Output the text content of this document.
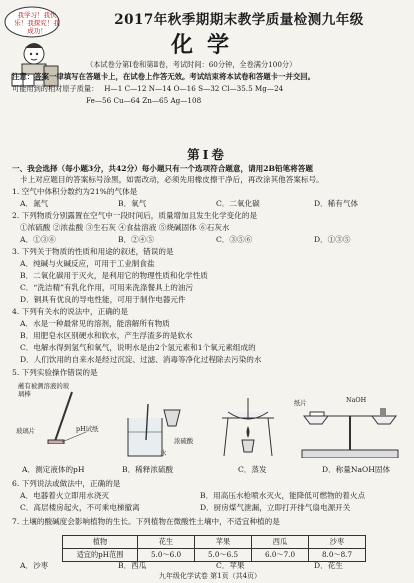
我学习！我快乐！我探究！我成功！
2017年秋季期期末教学质量检测九年级
化学
（本试卷分第Ⅰ卷和第Ⅱ卷，考试时间：60分钟，全卷满分100分）
注意：答案一律填写在答题卡上，在试卷上作答无效。考试结束将本试卷和答题卡一并交回。
可能用到的相对原子质量： H—1 C—12 N—14 O—16 S—32 Cl—35.5 Mg—24
Fe—56 Cu—64 Zn—65 Ag—108
第Ⅰ卷
一、我会选择（每小题3分，共42分）每小题只有一个选项符合题意，请用2B铅笔将答题
卡上对应题目的答案标号涂黑，如需改动，必须先用橡皮擦干净后，再改涂其他答案标号。
1. 空气中体积分数约为21%的气体是
A．氮气	B．氧气	C．二氧化碳	D．稀有气体
2. 下列物质分别露置在空气中一段时间后，质量增加且发生化学变化的是
①浓硫酸 ②浓盐酸 ③生石灰 ④食盐溶液 ⑤烧碱固体 ⑥石灰水
A．①③⑥	B．②④⑤	C．③⑤⑥	D．①③⑤
3. 下列关于物质的性质和用途的叙述，错误的是
A．纯碱与火碱反应，可用于工业制食盐
B．二氧化碳用于灭火，是利用它的物理性质和化学性质
C．“洗洁精”有乳化作用，可用来洗涤餐具上的油污
D．铜具有优良的导电性能，可用于制作电器元件
4. 下列有关水的说法中，正确的是
A．水是一种最常见的溶剂，能溶解所有物质
B．用肥皂水区别硬水和软水，产生浮渣多的是软水
C．电解水得到氢气和氧气，说明水是由2个氢元素和1个氧元素组成的
D．人们饮用的自来水是经过沉淀、过滤、消毒等净化过程除去污染的水
5. 下列实验操作错误的是
蘸有被测溶液的玻璃棒
玻璃片	pH试纸
A．测定液体的pH
浓硫酸
水
B．稀释浓硫酸	C．蒸发
纸片	NaOH
D．称量NaOH固体
6. 下列说法或做法中，正确的是
A．电器着火立即用水浇灭	B．用高压水枪喷水灭火，能降低可燃物的着火点
C．高层楼房起火，不可乘电梯撤离	D．厨房煤气泄漏，立即打开排气扇电源开关
7. 土壤的酸碱度会影响植物的生长。下列植物在微酸性土壤中，不适宜种植的是
植物	花生	苹果	西瓜	沙枣
适宜的pH范围	5.0～6.0	5.0～6.5	6.0～7.0	8.0～8.7
A．沙枣	B．西瓜	C．苹果	D．花生
九年级化学试卷 第1页（共4页）
